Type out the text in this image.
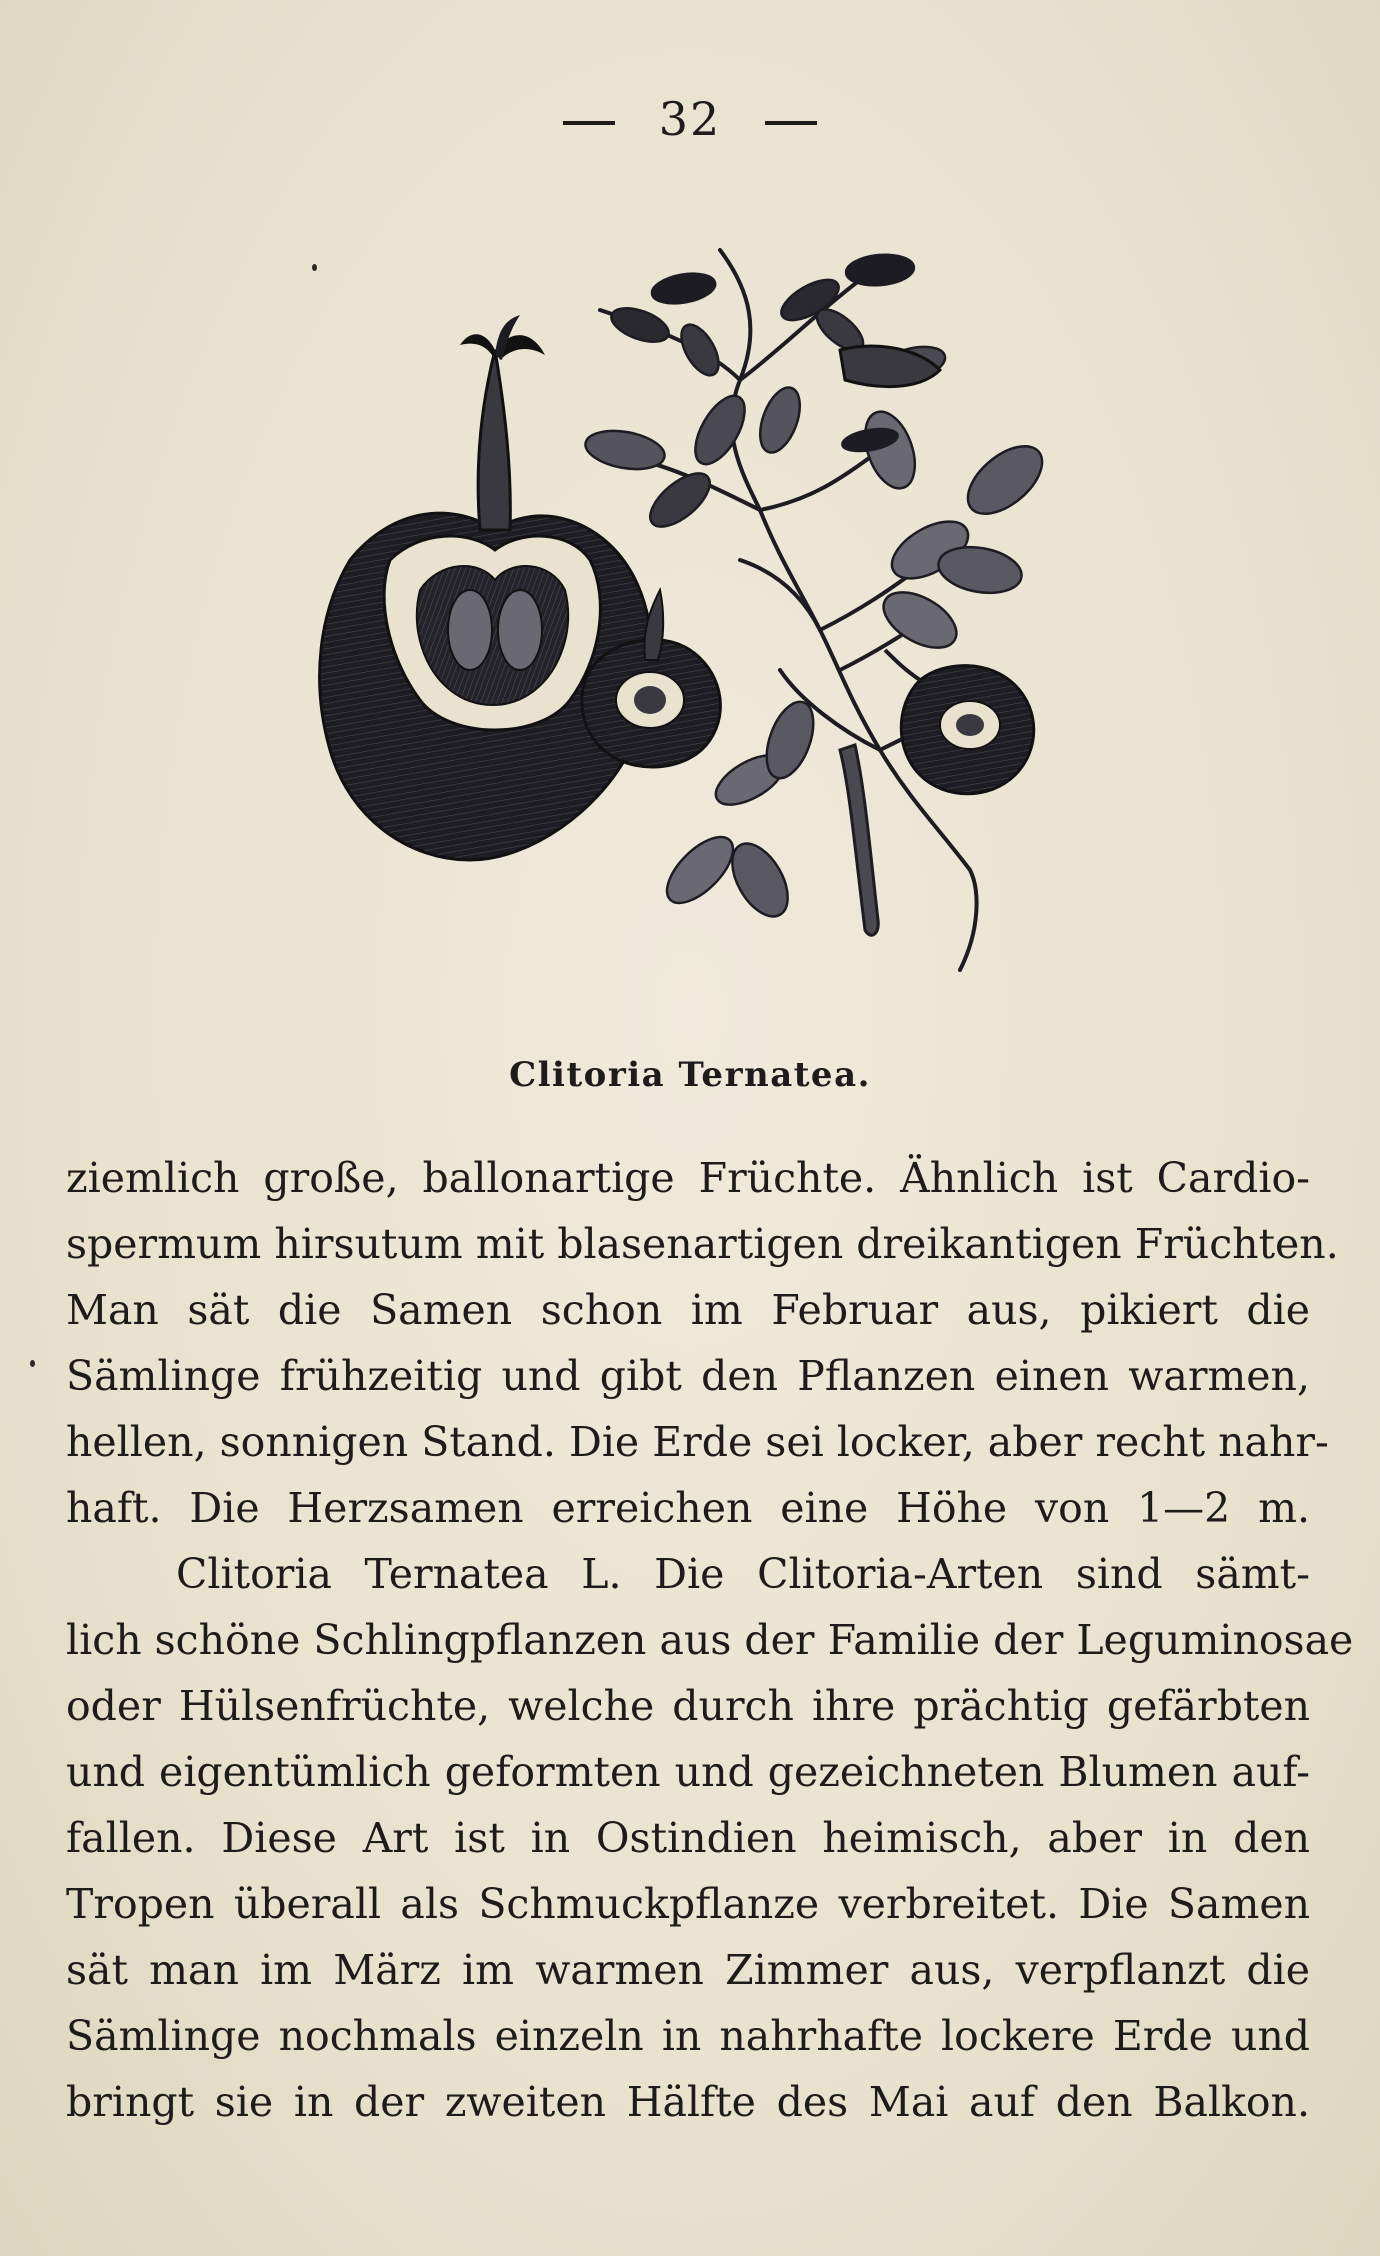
32
Clitoria Ternatea.
ziemlich große, ballonartige Früchte. Ähnlich ist Cardio-
spermum hirsutum mit blasenartigen dreikantigen Früchten.
Man sät die Samen schon im Februar aus, pikiert die
Sämlinge frühzeitig und gibt den Pflanzen einen warmen,
hellen, sonnigen Stand. Die Erde sei locker, aber recht nahr-
haft. Die Herzsamen erreichen eine Höhe von 1—2 m.
Clitoria Ternatea L. Die Clitoria-Arten sind sämt-
lich schöne Schlingpflanzen aus der Familie der Leguminosae
oder Hülsenfrüchte, welche durch ihre prächtig gefärbten
und eigentümlich geformten und gezeichneten Blumen auf-
fallen. Diese Art ist in Ostindien heimisch, aber in den
Tropen überall als Schmuckpflanze verbreitet. Die Samen
sät man im März im warmen Zimmer aus, verpflanzt die
Sämlinge nochmals einzeln in nahrhafte lockere Erde und
bringt sie in der zweiten Hälfte des Mai auf den Balkon.
